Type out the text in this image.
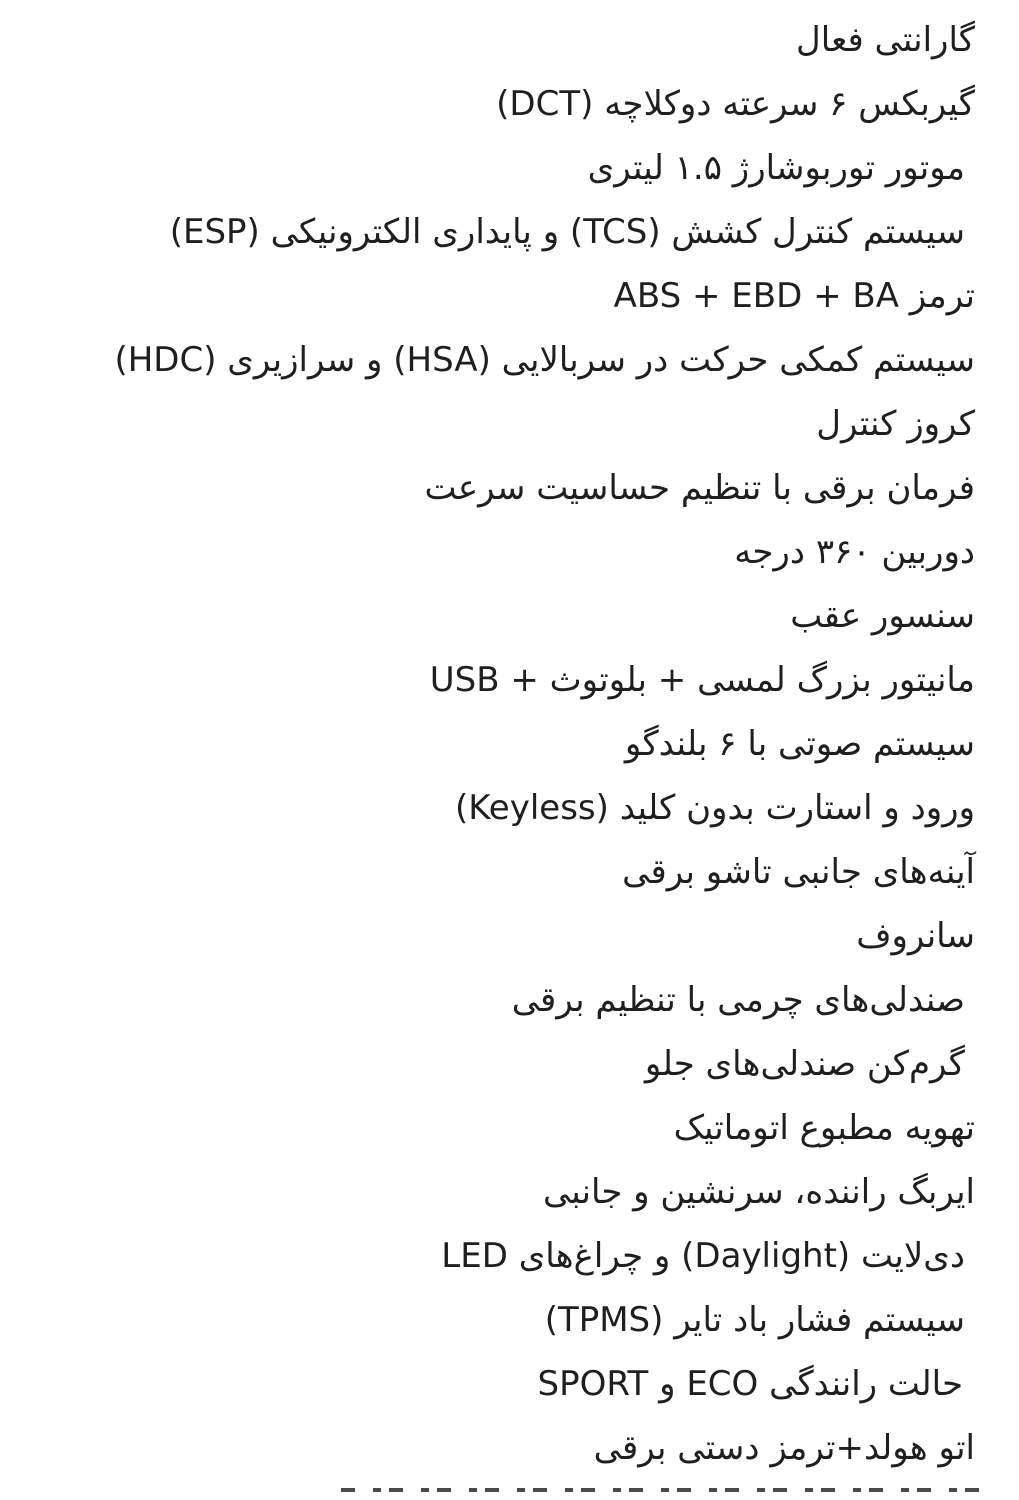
گارانتی فعال
گیربکس ۶ سرعته دوکلاچه (DCT)
موتور توربوشارژ ۱.۵ لیتری
سیستم کنترل کشش (TCS) و پایداری الکترونیکی (ESP)
ترمز ABS + EBD + BA
سیستم کمکی حرکت در سربالایی (HSA) و سرازیری (HDC)
کروز کنترل
فرمان برقی با تنظیم حساسیت سرعت
دوربین ۳۶۰ درجه
سنسور عقب
مانیتور بزرگ لمسی + بلوتوث + USB
سیستم صوتی با ۶ بلندگو
ورود و استارت بدون کلید (Keyless)
آینه‌های جانبی تاشو برقی
سانروف
صندلی‌های چرمی با تنظیم برقی
گرم‌کن صندلی‌های جلو
تهویه مطبوع اتوماتیک
ایربگ راننده، سرنشین و جانبی
دی‌لایت (Daylight) و چراغ‌های LED
سیستم فشار باد تایر (TPMS)
حالت رانندگی ECO و SPORT
اتو هولد+ترمز دستی برقی
